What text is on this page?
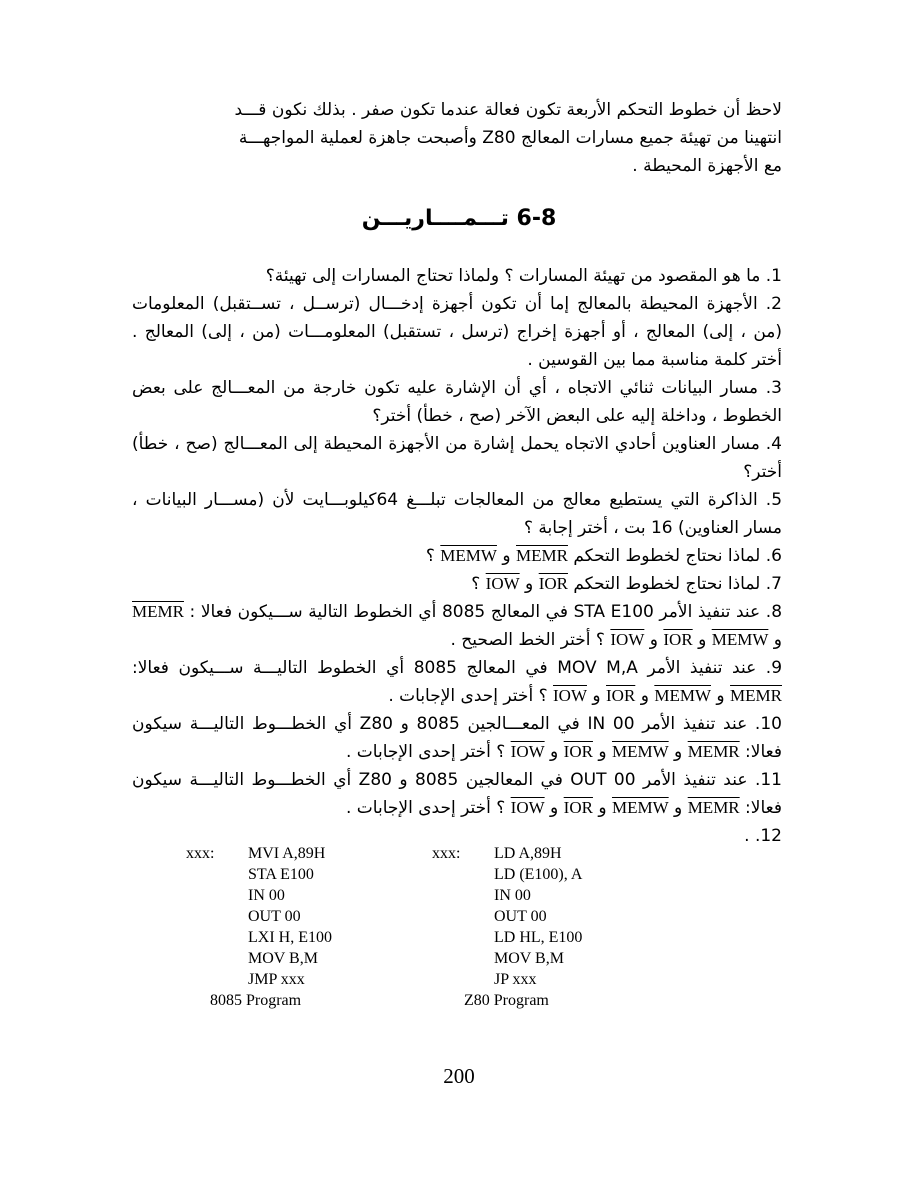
لاحظ أن خطوط التحكم الأربعة تكون فعالة عندما تكون صفر . بذلك نكون قـــد

انتهينا من تهيئة جميع مسارات المعالج Z80 وأصبحت جاهزة لعملية المواجهـــة

مع الأجهزة المحيطة .

6-8 تـــمــــاريـــن

1. ما هو المقصود من تهيئة المسارات ؟ ولماذا تحتاج المسارات إلى تهيئة؟

2. الأجهزة المحيطة بالمعالج إما أن تكون أجهزة إدخـــال (ترســل ، تســتقبل) المعلومات (من ، إلى) المعالج ، أو أجهزة إخراج (ترسل ، تستقبل) المعلومـــات (من ، إلى) المعالج . أختر كلمة مناسبة مما بين القوسين .

3. مسار البيانات ثنائي الاتجاه ، أي أن الإشارة عليه تكون خارجة من المعـــالج على بعض الخطوط ، وداخلة إليه على البعض الآخر (صح ، خطأ) أختر؟

4. مسار العناوين أحادي الاتجاه يحمل إشارة من الأجهزة المحيطة إلى المعـــالج (صح ، خطأ) أختر؟

5. الذاكرة التي يستطيع معالج من المعالجات تبلـــغ 64كيلوبـــايت لأن (مســـار البيانات ، مسار العناوين) 16 بت ، أختر إجابة ؟

6. لماذا نحتاج لخطوط التحكم MEMR و MEMW ؟

7. لماذا نحتاج لخطوط التحكم IOR و IOW ؟

8. عند تنفيذ الأمر STA E100 في المعالج 8085 أي الخطوط التالية ســـيكون فعالا : MEMR و MEMW و IOR و IOW ؟ أختر الخط الصحيح .

9. عند تنفيذ الأمر MOV M,A في المعالج 8085 أي الخطوط التاليـــة ســـيكون فعالا: MEMR و MEMW و IOR و IOW ؟ أختر إحدى الإجابات .

10. عند تنفيذ الأمر IN 00 في المعـــالجين 8085 و Z80 أي الخطـــوط التاليـــة سيكون فعالا: MEMR و MEMW و IOR و IOW ؟ أختر إحدى الإجابات .

11. عند تنفيذ الأمر OUT 00 في المعالجين 8085 و Z80 أي الخطـــوط التاليـــة سيكون فعالا: MEMR و MEMW و IOR و IOW ؟ أختر إحدى الإجابات .

12. .

xxx: MVI A,89H
STA E100
IN 00
OUT 00
LXI H, E100
MOV B,M
JMP xxx
8085 Program
xxx: LD A,89H
LD (E100), A
IN 00
OUT 00
LD HL, E100
MOV B,M
JP xxx
Z80 Program
200
